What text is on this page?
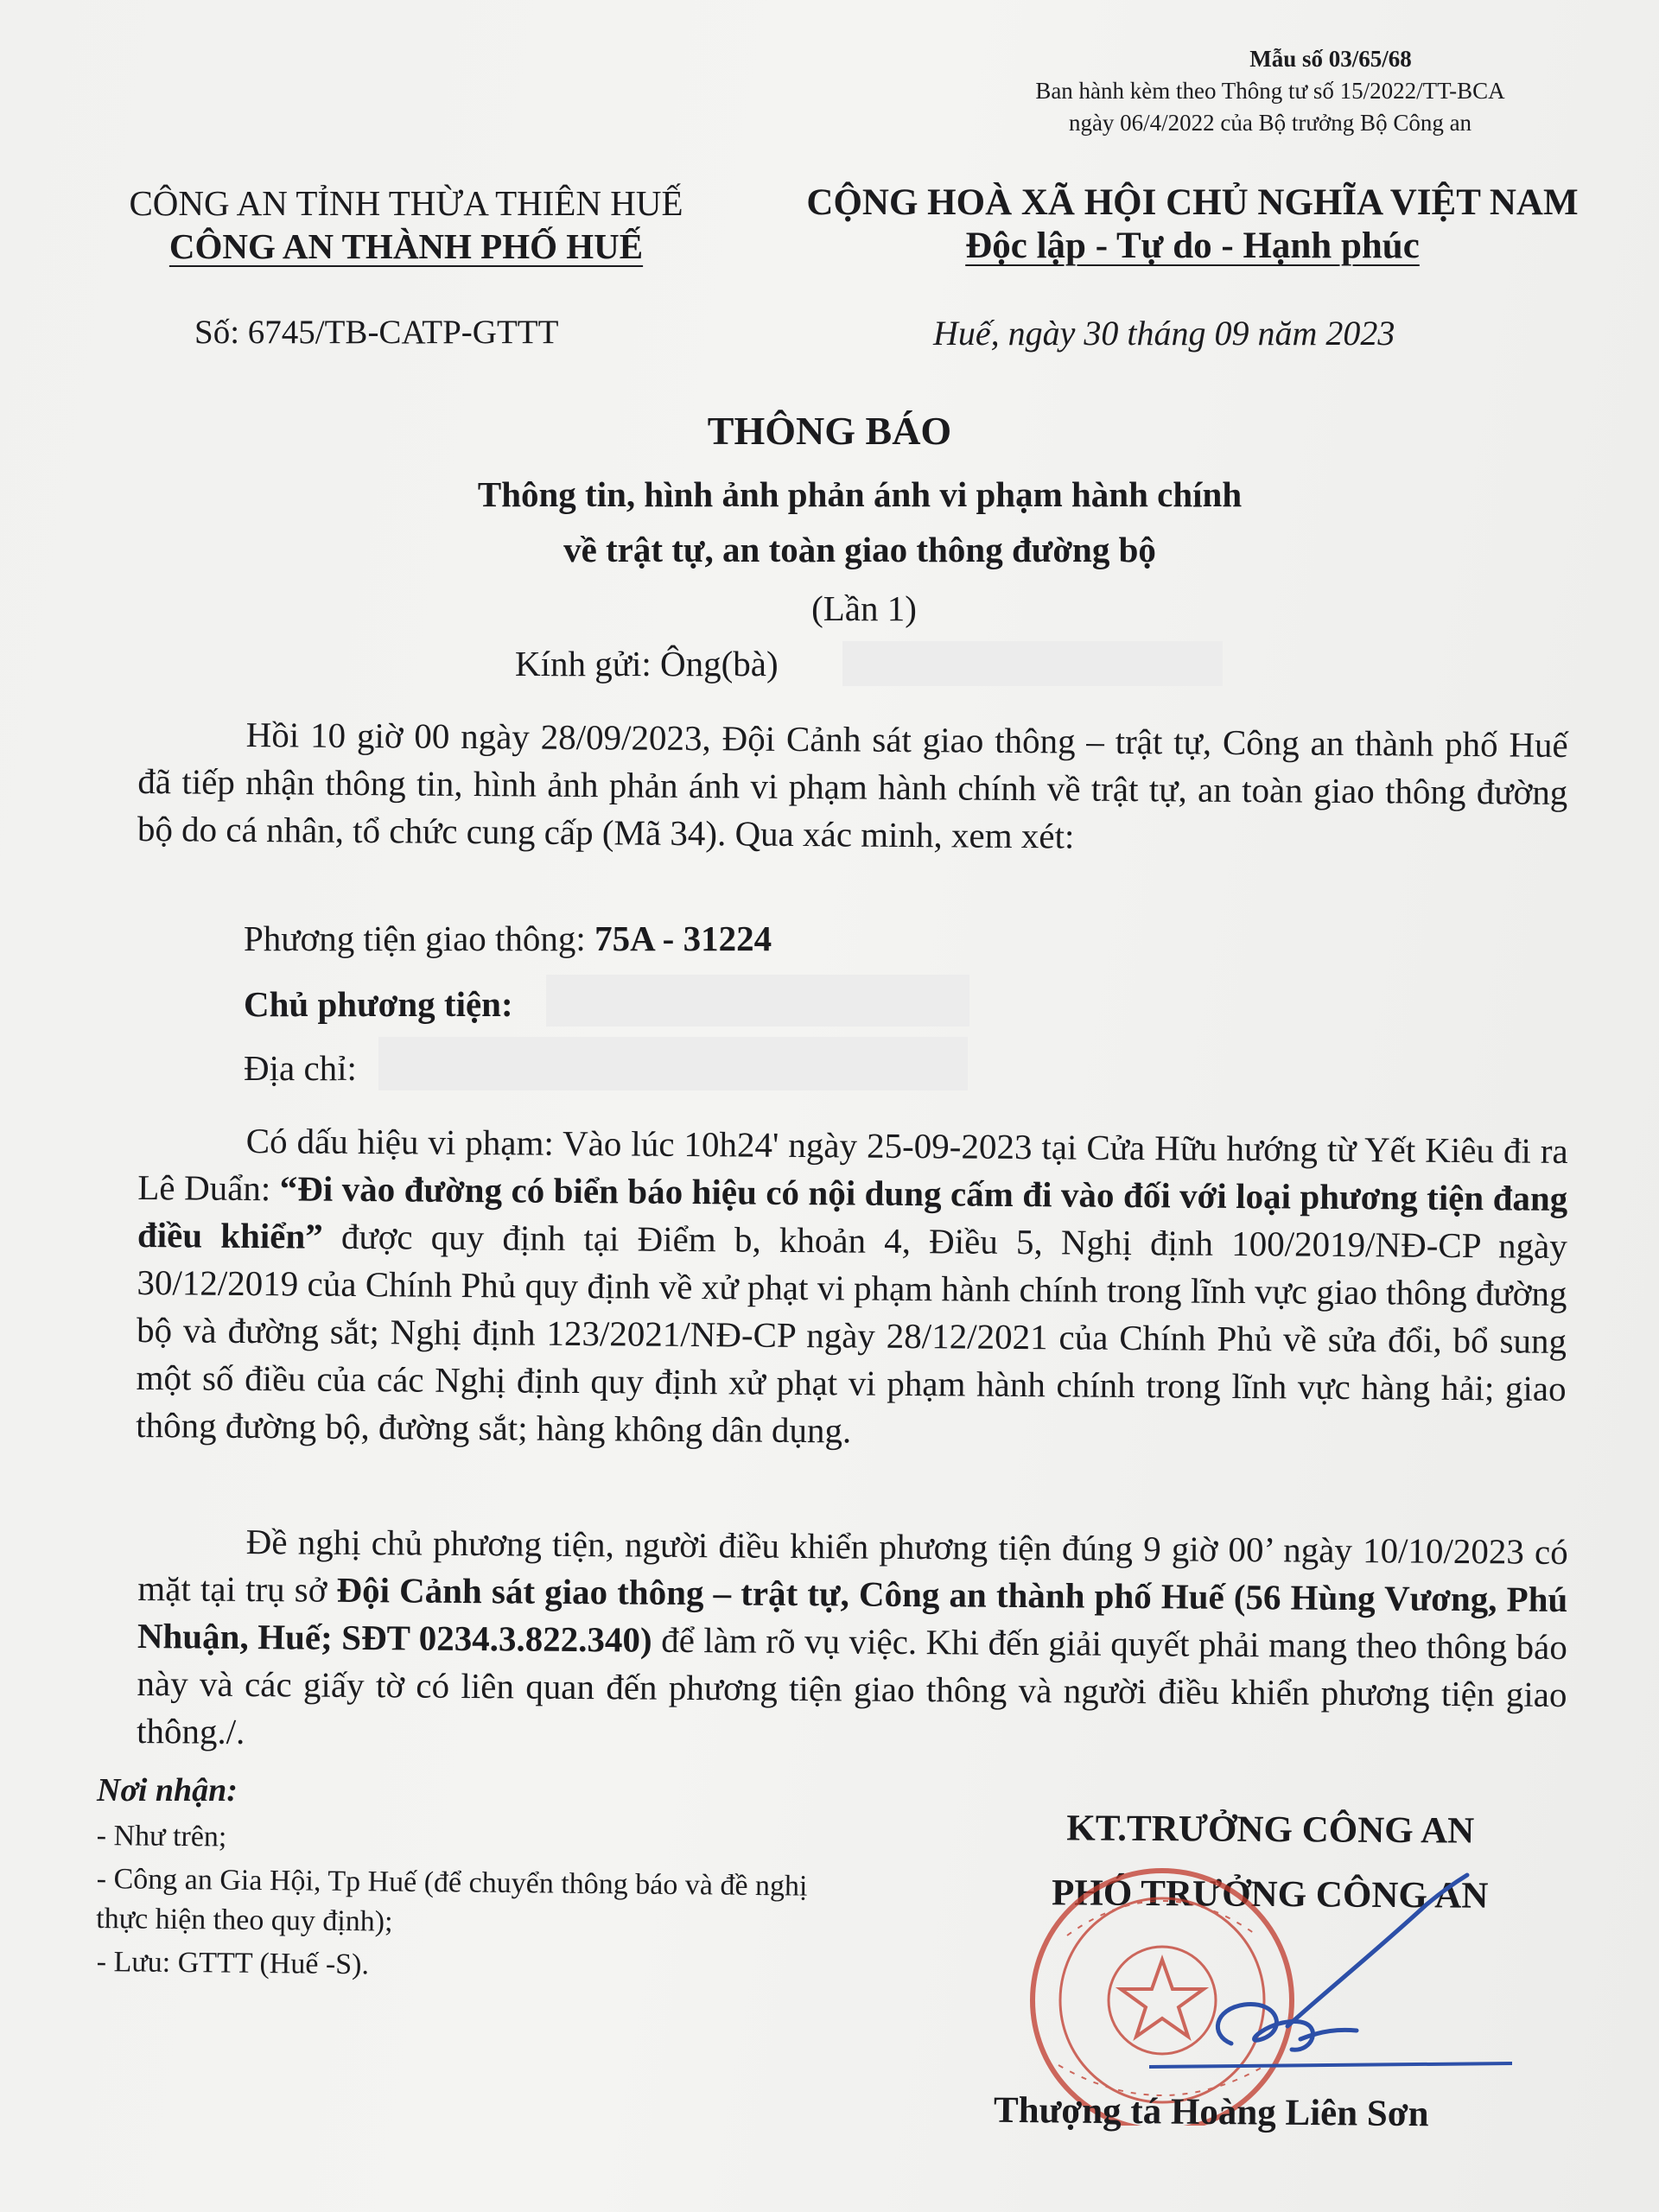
Mẫu số 03/65/68
Ban hành kèm theo Thông tư số 15/2022/TT-BCA
ngày 06/4/2022 của Bộ trưởng Bộ Công an
CÔNG AN TỈNH THỪA THIÊN HUẾ
CÔNG AN THÀNH PHỐ HUẾ
CỘNG HOÀ XÃ HỘI CHỦ NGHĨA VIỆT NAM
Độc lập - Tự do - Hạnh phúc
Số: 6745/TB-CATP-GTTT	Huế, ngày 30 tháng 09 năm 2023
THÔNG BÁO
Thông tin, hình ảnh phản ánh vi phạm hành chính
về trật tự, an toàn giao thông đường bộ
(Lần 1)
Kính gửi: Ông(bà)
Hồi 10 giờ 00 ngày 28/09/2023, Đội Cảnh sát giao thông – trật tự, Công an thành phố Huế đã tiếp nhận thông tin, hình ảnh phản ánh vi phạm hành chính về trật tự, an toàn giao thông đường bộ do cá nhân, tổ chức cung cấp (Mã 34). Qua xác minh, xem xét:
Phương tiện giao thông: 75A - 31224
Chủ phương tiện:
Địa chỉ:
Có dấu hiệu vi phạm: Vào lúc 10h24' ngày 25-09-2023 tại Cửa Hữu hướng từ Yết Kiêu đi ra Lê Duẩn: “Đi vào đường có biển báo hiệu có nội dung cấm đi vào đối với loại phương tiện đang điều khiển” được quy định tại Điểm b, khoản 4, Điều 5, Nghị định 100/2019/NĐ-CP ngày 30/12/2019 của Chính Phủ quy định về xử phạt vi phạm hành chính trong lĩnh vực giao thông đường bộ và đường sắt; Nghị định 123/2021/NĐ-CP ngày 28/12/2021 của Chính Phủ về sửa đổi, bổ sung một số điều của các Nghị định quy định xử phạt vi phạm hành chính trong lĩnh vực hàng hải; giao thông đường bộ, đường sắt; hàng không dân dụng.
Đề nghị chủ phương tiện, người điều khiển phương tiện đúng 9 giờ 00’ ngày 10/10/2023 có mặt tại trụ sở Đội Cảnh sát giao thông – trật tự, Công an thành phố Huế (56 Hùng Vương, Phú Nhuận, Huế; SĐT 0234.3.822.340) để làm rõ vụ việc. Khi đến giải quyết phải mang theo thông báo này và các giấy tờ có liên quan đến phương tiện giao thông và người điều khiển phương tiện giao thông./.
Nơi nhận:
- Như trên;
- Công an Gia Hội, Tp Huế (để chuyển thông báo và đề nghị thực hiện theo quy định);
- Lưu: GTTT (Huế -S).
KT.TRƯỞNG CÔNG AN
PHÓ TRƯỞNG CÔNG AN
Thượng tá Hoàng Liên Sơn
